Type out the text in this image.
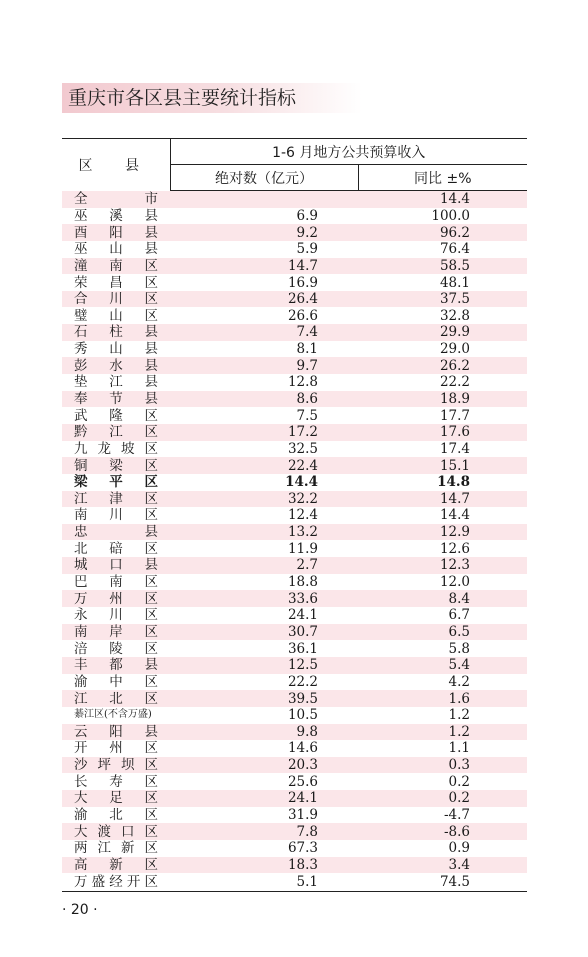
重庆市各区县主要统计指标
区 县	1-6 月地方公共预算收入	
	绝对数（亿元）	同比 ±%
全　市		14.4
巫溪县	6.9	100.0
酉阳县	9.2	96.2
巫山县	5.9	76.4
潼南区	14.7	58.5
荣昌区	16.9	48.1
合川区	26.4	37.5
璧山区	26.6	32.8
石柱县	7.4	29.9
秀山县	8.1	29.0
彭水县	9.7	26.2
垫江县	12.8	22.2
奉节县	8.6	18.9
武隆区	7.5	17.7
黔江区	17.2	17.6
九龙坡区	32.5	17.4
铜梁区	22.4	15.1
梁平区	14.4	14.8
江津区	32.2	14.7
南川区	12.4	14.4
忠　县	13.2	12.9
北碚区	11.9	12.6
城口县	2.7	12.3
巴南区	18.8	12.0
万州区	33.6	8.4
永川区	24.1	6.7
南岸区	30.7	6.5
涪陵区	36.1	5.8
丰都县	12.5	5.4
渝中区	22.2	4.2
江北区	39.5	1.6
綦江区(不含万盛)	10.5	1.2
云阳县	9.8	1.2
开州区	14.6	1.1
沙坪坝区	20.3	0.3
长寿区	25.6	0.2
大足区	24.1	0.2
渝北区	31.9	-4.7
大渡口区	7.8	-8.6
两江新区	67.3	0.9
高新区	18.3	3.4
万盛经开区	5.1	74.5
· 20 ·
